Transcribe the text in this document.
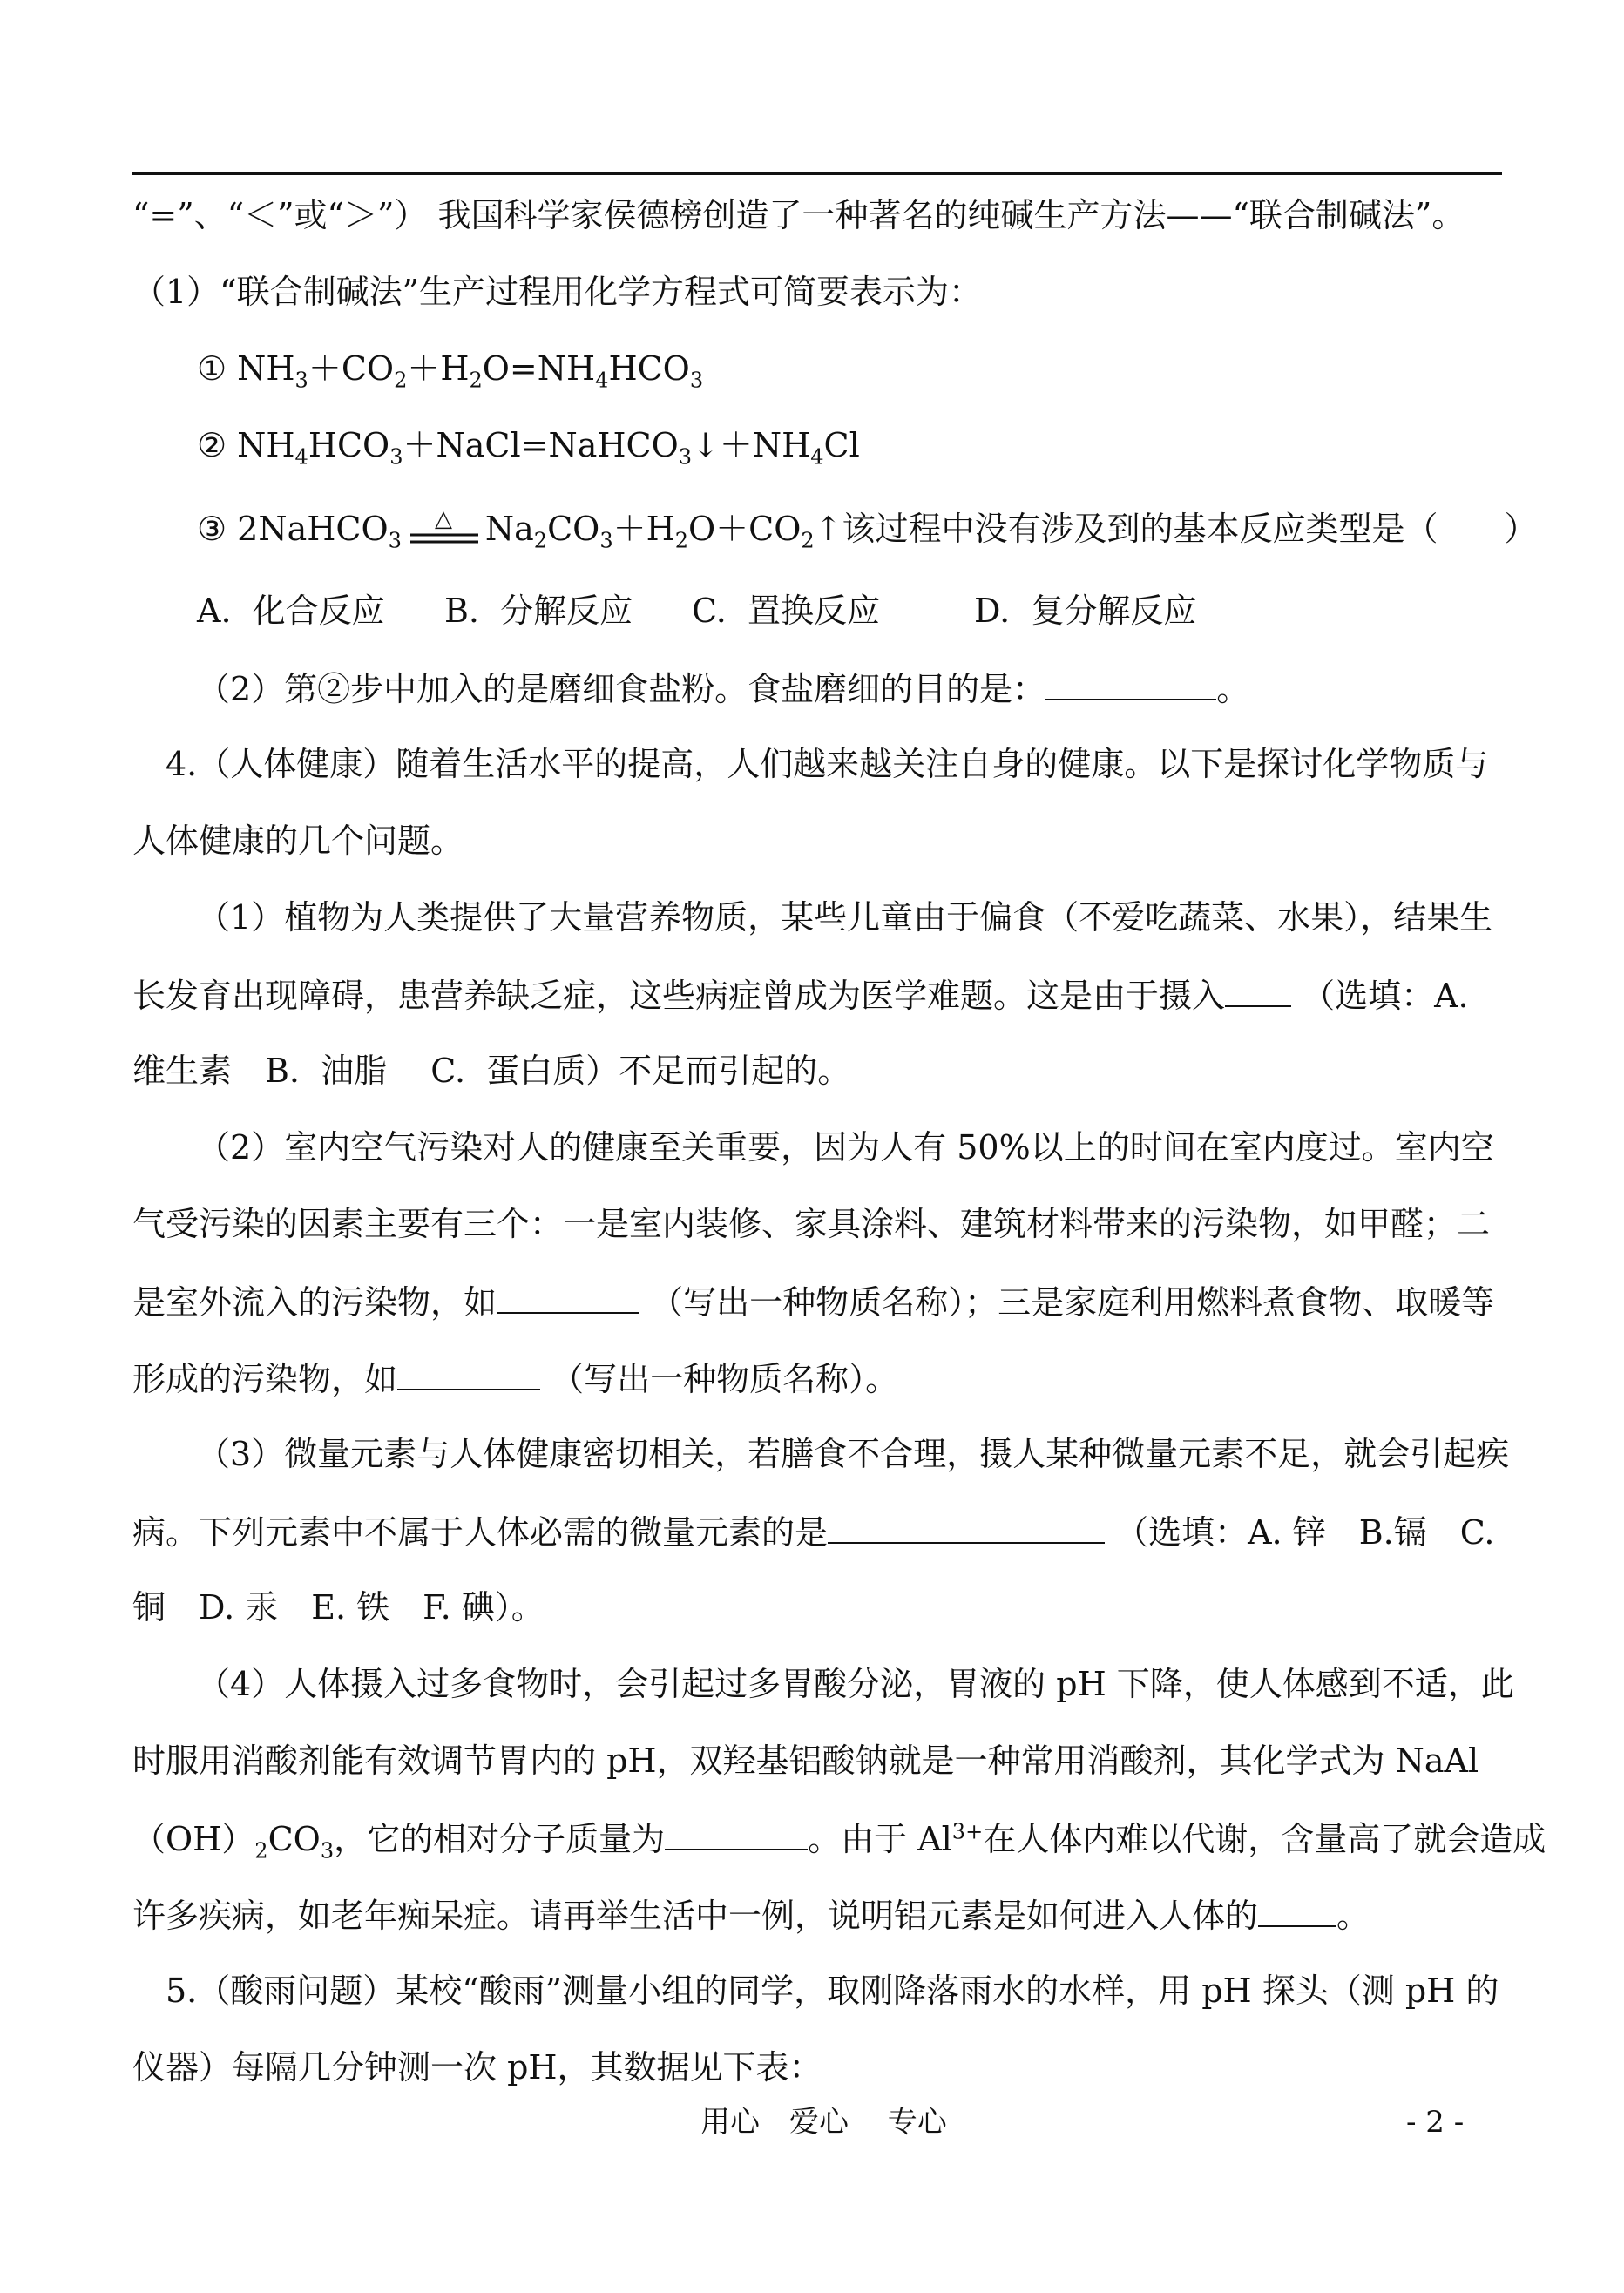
“=”、“＜”或“＞”） 我国科学家侯德榜创造了一种著名的纯碱生产方法——“联合制碱法”。
（1）“联合制碱法”生产过程用化学方程式可简要表示为：
① $NH_3+CO_2+H_2O=NH_4HCO_3$
② $NH_4HCO_3+NaCl=NaHCO_3↓+NH_4Cl$
③ 2NaHCO$_3$
△ $Na_2CO_3+H_2O+CO_2↑$该过程中没有涉及到的基本反应类型是（　　）
A.  化合反应 B.  分解反应 C.  置换反应	D.  复分解反应
（2）第②步中加入的是磨细食盐粉。食盐磨细的目的是：	。
4.（人体健康）随着生活水平的提高，人们越来越关注自身的健康。以下是探讨化学物质与
人体健康的几个问题。
（1）植物为人类提供了大量营养物质，某些儿童由于偏食（不爱吃蔬菜、水果），结果生
长发育出现障碍，患营养缺乏症，这些病症曾成为医学难题。这是由于摄入 （选填：A.
维生素　B.  油脂　 C.  蛋白质）不足而引起的。
（2）室内空气污染对人的健康至关重要，因为人有 50%以上的时间在室内度过。室内空
气受污染的因素主要有三个：一是室内装修、家具涂料、建筑材料带来的污染物，如甲醛；二
是室外流入的污染物，如	（写出一种物质名称）；三是家庭利用燃料煮食物、取暖等
形成的污染物，如	（写出一种物质名称）。
（3）微量元素与人体健康密切相关，若膳食不合理，摄人某种微量元素不足，就会引起疾
病。下列元素中不属于人体必需的微量元素的是	（选填：A. 锌　B.镉　C.
铜　D. 汞　E. 铁　F. 碘）。
（4）人体摄入过多食物时，会引起过多胃酸分泌，胃液的 pH 下降，使人体感到不适，此
时服用消酸剂能有效调节胃内的 pH，双羟基铝酸钠就是一种常用消酸剂，其化学式为 NaAl
$(OH)_2CO_3$，它的相对分子质量为	。由于 $Al^{3+}$在人体内难以代谢，含量高了就会造成
许多疾病，如老年痴呆症。请再举生活中一例，说明铝元素是如何进入人体的 。
5.（酸雨问题）某校“酸雨”测量小组的同学，取刚降落雨水的水样，用 pH 探头（测 pH 的
仪器）每隔几分钟测一次 pH，其数据见下表：
用心　爱心　 专心	- 2 -
